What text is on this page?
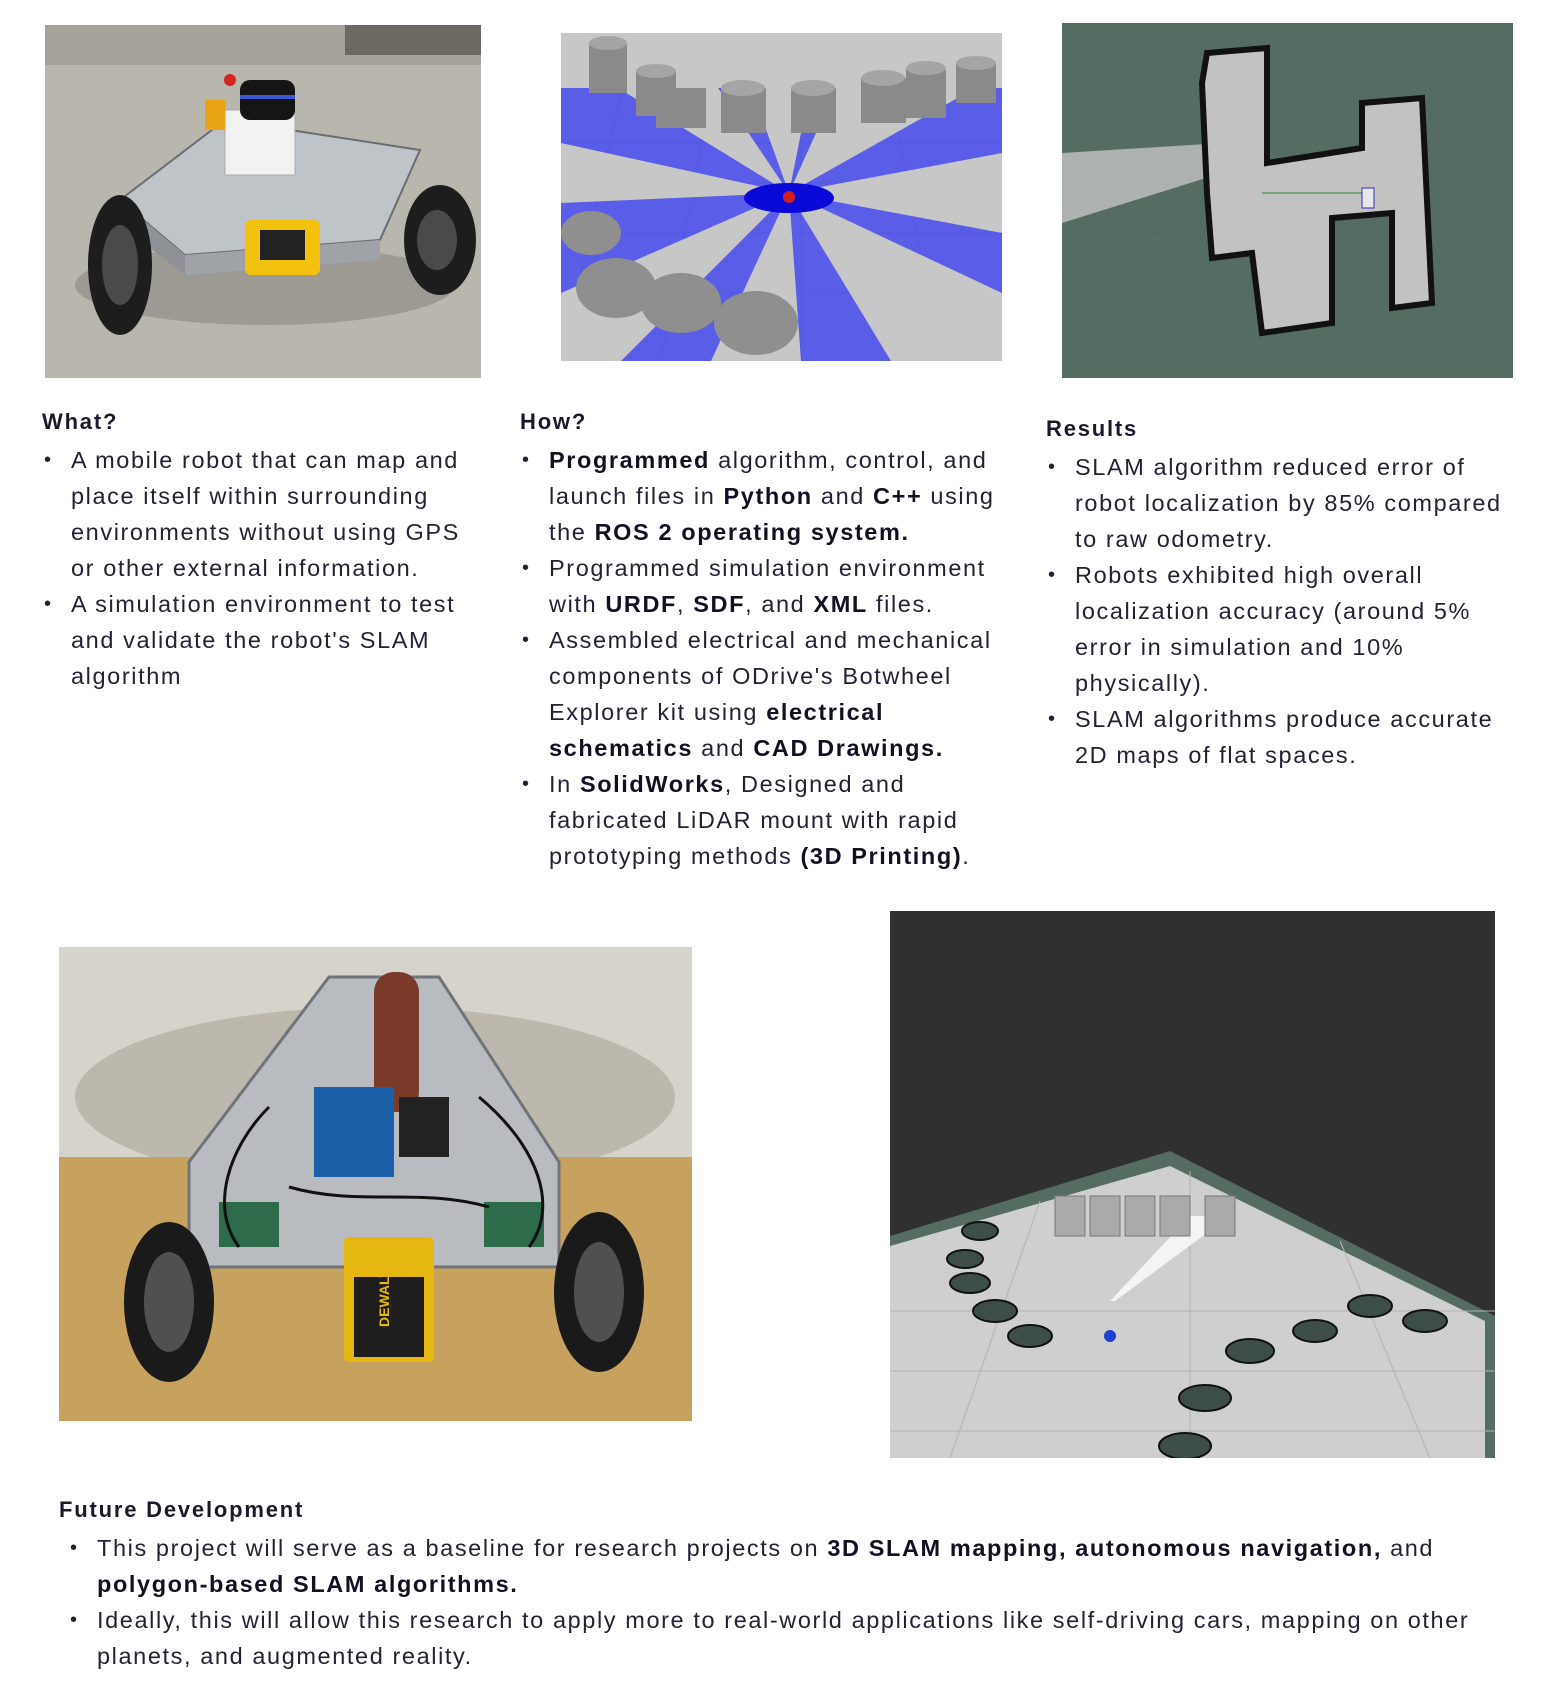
DEWALT
What?
• A mobile robot that can map and place itself within surrounding environments without using GPS or other external information.
• A simulation environment to test and validate the robot's SLAM algorithm
How?
• Programmed algorithm, control, and launch files in Python and C++ using the ROS 2 operating system.
• Programmed simulation environment with URDF, SDF, and XML files.
• Assembled electrical and mechanical components of ODrive's Botwheel Explorer kit using electrical schematics and CAD Drawings.
• In SolidWorks, Designed and fabricated LiDAR mount with rapid prototyping methods (3D Printing).
Results
• SLAM algorithm reduced error of robot localization by 85% compared to raw odometry.
• Robots exhibited high overall localization accuracy (around 5% error in simulation and 10% physically).
• SLAM algorithms produce accurate 2D maps of flat spaces.
Future Development
• This project will serve as a baseline for research projects on 3D SLAM mapping, autonomous navigation, and polygon-based SLAM algorithms.
• Ideally, this will allow this research to apply more to real-world applications like self-driving cars, mapping on other planets, and augmented reality.
